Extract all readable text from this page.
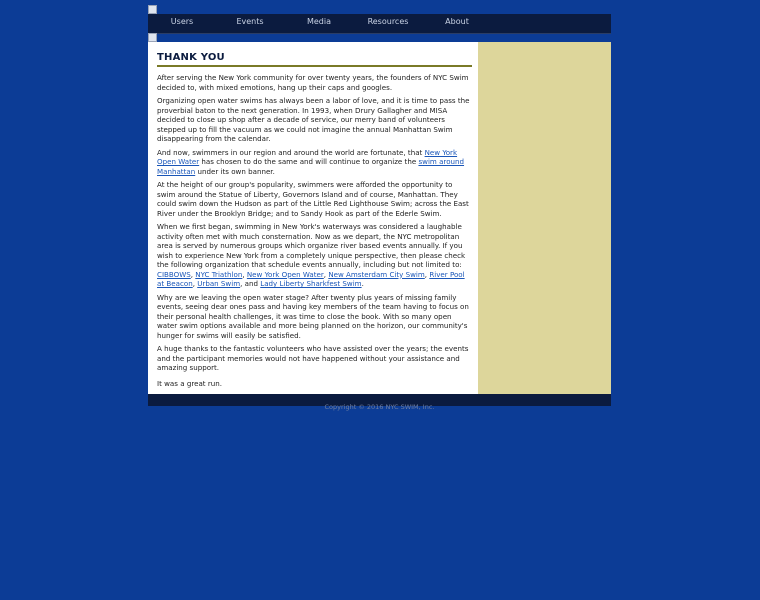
Users	Events	Media	Resources	About
THANK YOU

After serving the New York community for over twenty years, the founders of NYC Swim decided to, with mixed emotions, hang up their caps and googles.

Organizing open water swims has always been a labor of love, and it is time to pass the proverbial baton to the next generation. In 1993, when Drury Gallagher and MISA decided to close up shop after a decade of service, our merry band of volunteers stepped up to fill the vacuum as we could not imagine the annual Manhattan Swim disappearing from the calendar.

And now, swimmers in our region and around the world are fortunate, that New York Open Water has chosen to do the same and will continue to organize the swim around Manhattan under its own banner.

At the height of our group's popularity, swimmers were afforded the opportunity to swim around the Statue of Liberty, Governors Island and of course, Manhattan. They could swim down the Hudson as part of the Little Red Lighthouse Swim; across the East River under the Brooklyn Bridge; and to Sandy Hook as part of the Ederle Swim.

When we first began, swimming in New York's waterways was considered a laughable activity often met with much consternation. Now as we depart, the NYC metropolitan area is served by numerous groups which organize river based events annually. If you wish to experience New York from a completely unique perspective, then please check the following organization that schedule events annually, including but not limited to: CIBBOWS, NYC Triathlon, New York Open Water, New Amsterdam City Swim, River Pool at Beacon, Urban Swim, and Lady Liberty Sharkfest Swim.

Why are we leaving the open water stage? After twenty plus years of missing family events, seeing dear ones pass and having key members of the team having to focus on their personal health challenges, it was time to close the book. With so many open water swim options available and more being planned on the horizon, our community's hunger for swims will easily be satisfied.

A huge thanks to the fantastic volunteers who have assisted over the years; the events and the participant memories would not have happened without your assistance and amazing support.

It was a great run.

Copyright © 2016 NYC SWIM, Inc.
